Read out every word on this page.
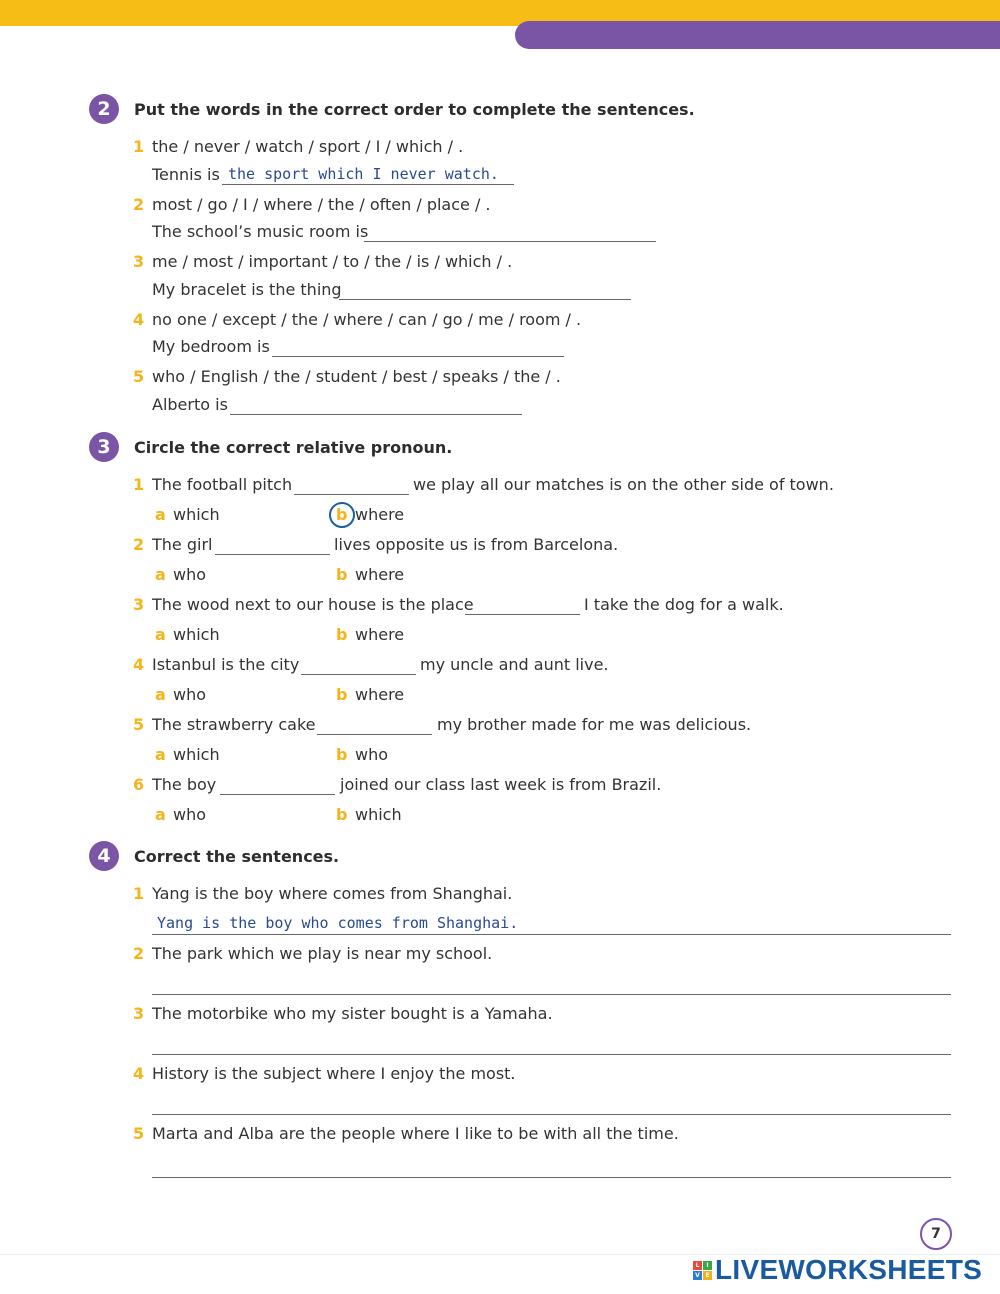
2	Put the words in the correct order to complete the sentences.
1 the / never / watch / sport / I / which / .
Tennis is the sport which I never watch.
2 most / go / I / where / the / often / place / .
The school’s music room is
3 me / most / important / to / the / is / which / .
My bracelet is the thing
4 no one / except / the / where / can / go / me / room / .
My bedroom is
5 who / English / the / student / best / speaks / the / .
Alberto is
3	Circle the correct relative pronoun.
1 The football pitch	we play all our matches is on the other side of town.
a which	b where
2 The girl	lives opposite us is from Barcelona.
a who	b where
3 The wood next to our house is the place	I take the dog for a walk.
a which	b where
4 Istanbul is the city	my uncle and aunt live.
a who	b where
5 The strawberry cake	my brother made for me was delicious.
a which	b who
6 The boy	joined our class last week is from Brazil.
a who	b which
4	Correct the sentences.
1 Yang is the boy where comes from Shanghai.
Yang is the boy who comes from Shanghai.
2 The park which we play is near my school.
3 The motorbike who my sister bought is a Yamaha.
4 History is the subject where I enjoy the most.
5 Marta and Alba are the people where I like to be with all the time.
7
L	I
V E LIVEWORKSHEETS
